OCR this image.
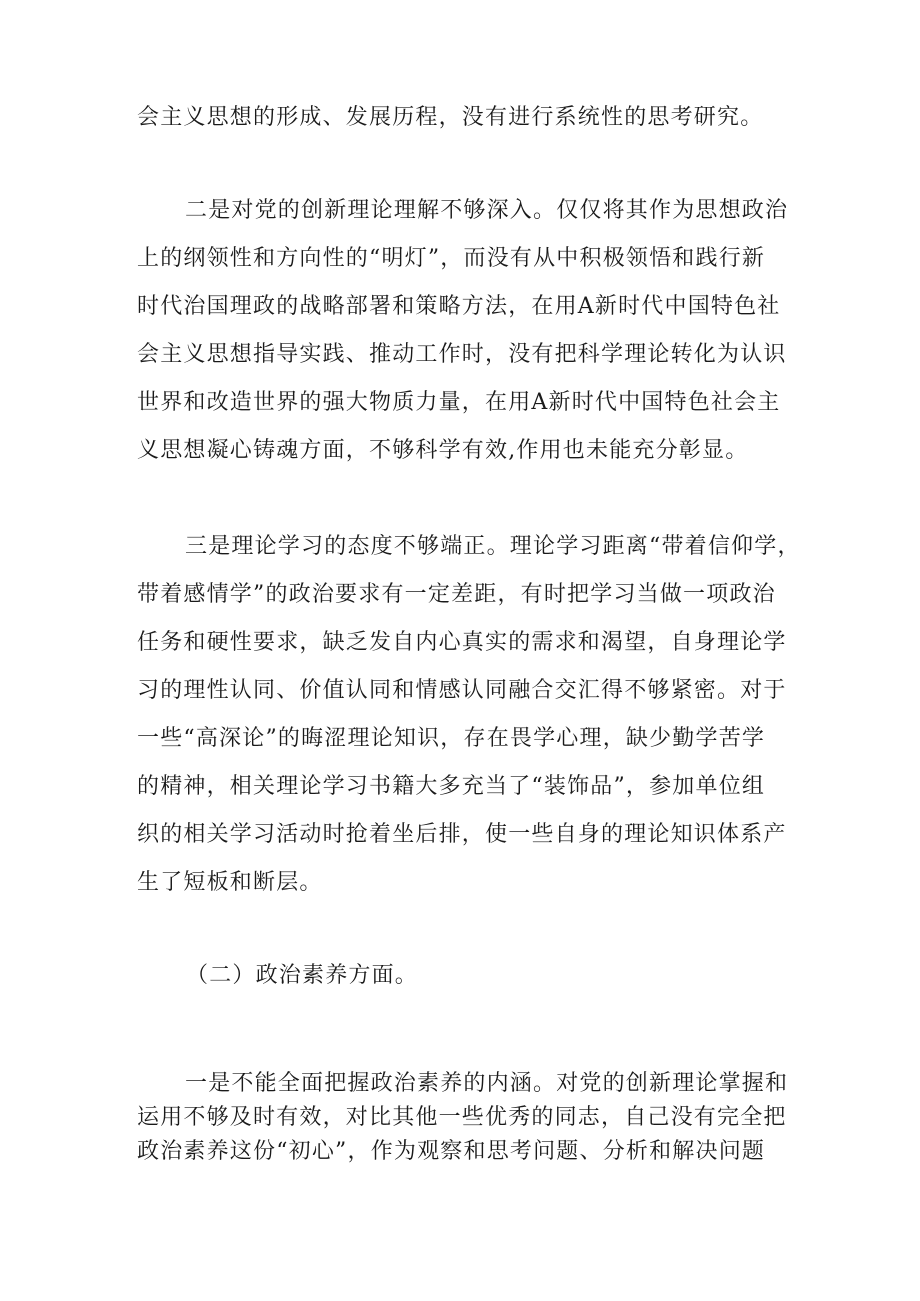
会主义思想的形成、发展历程，没有进行系统性的思考研究。

二是对党的创新理论理解不够深入。仅仅将其作为思想政治
上的纲领性和方向性的“明灯”，而没有从中积极领悟和践行新
时代治国理政的战略部署和策略方法，在用A新时代中国特色社
会主义思想指导实践、推动工作时，没有把科学理论转化为认识
世界和改造世界的强大物质力量，在用A新时代中国特色社会主
义思想凝心铸魂方面，不够科学有效,作用也未能充分彰显。

三是理论学习的态度不够端正。理论学习距离“带着信仰学，
带着感情学”的政治要求有一定差距，有时把学习当做一项政治
任务和硬性要求，缺乏发自内心真实的需求和渴望，自身理论学
习的理性认同、价值认同和情感认同融合交汇得不够紧密。对于
一些“高深论”的晦涩理论知识，存在畏学心理，缺少勤学苦学
的精神，相关理论学习书籍大多充当了“装饰品”，参加单位组
织的相关学习活动时抢着坐后排，使一些自身的理论知识体系产
生了短板和断层。

（二）政治素养方面。

一是不能全面把握政治素养的内涵。对党的创新理论掌握和
运用不够及时有效，对比其他一些优秀的同志，自己没有完全把
政治素养这份“初心”，作为观察和思考问题、分析和解决问题
